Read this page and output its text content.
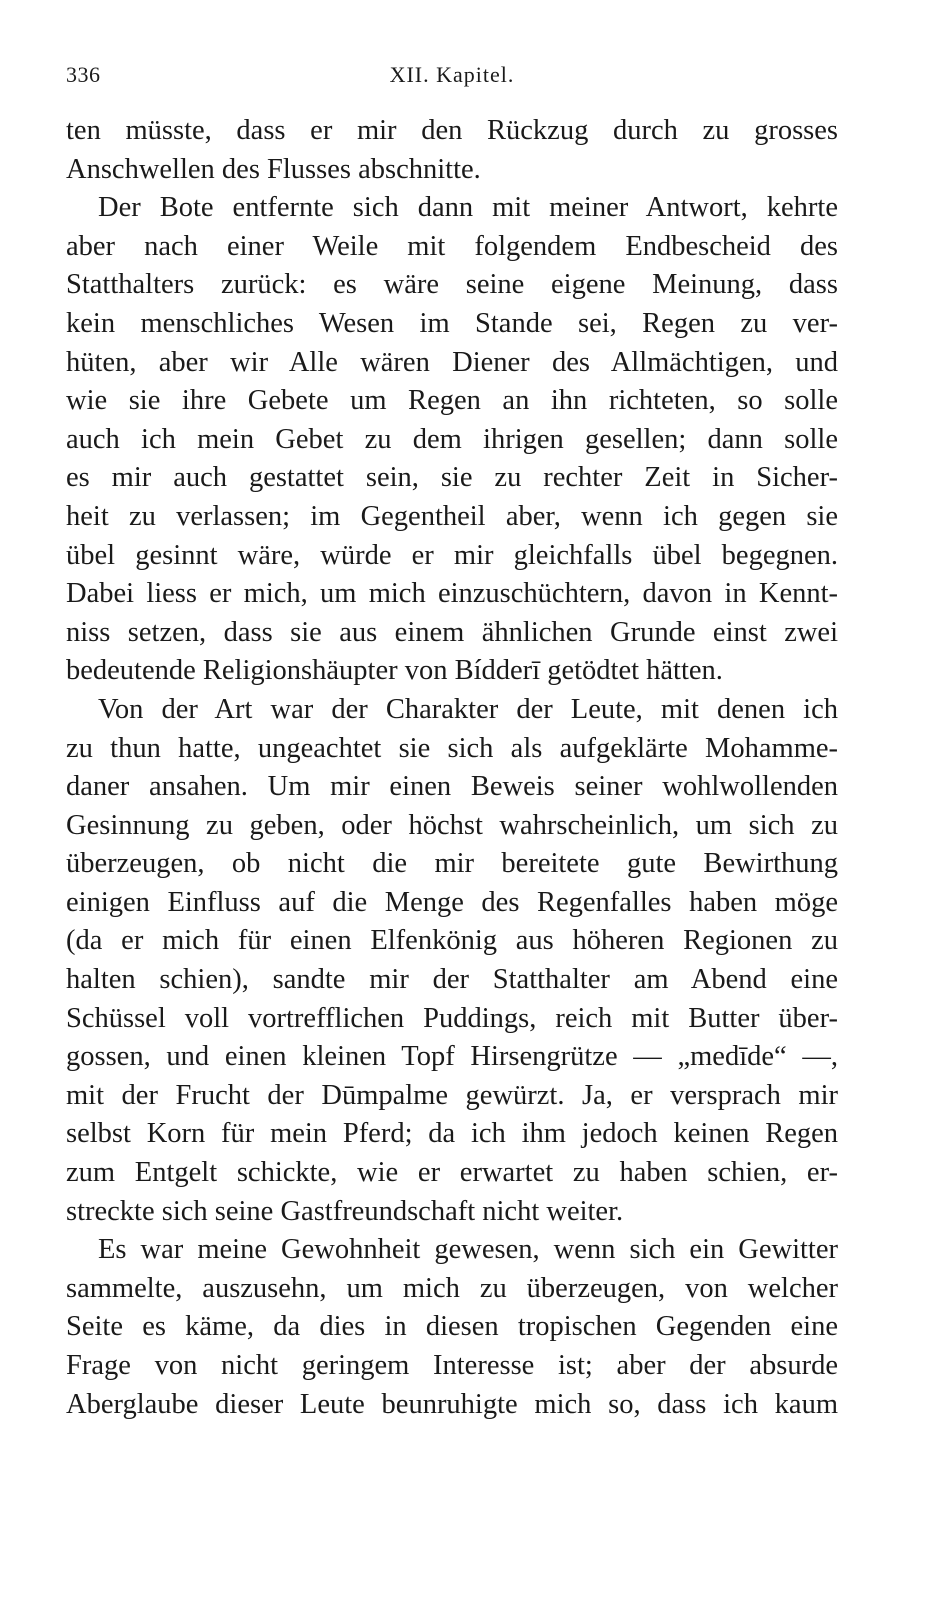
336	XII. Kapitel.
ten müsste, dass er mir den Rückzug durch zu grosses
Anschwellen des Flusses abschnitte.
Der Bote entfernte sich dann mit meiner Antwort, kehrte
aber nach einer Weile mit folgendem Endbescheid des
Statthalters zurück: es wäre seine eigene Meinung, dass
kein menschliches Wesen im Stande sei, Regen zu ver-
hüten, aber wir Alle wären Diener des Allmächtigen, und
wie sie ihre Gebete um Regen an ihn richteten, so solle
auch ich mein Gebet zu dem ihrigen gesellen; dann solle
es mir auch gestattet sein, sie zu rechter Zeit in Sicher-
heit zu verlassen; im Gegentheil aber, wenn ich gegen sie
übel gesinnt wäre, würde er mir gleichfalls übel begegnen.
Dabei liess er mich, um mich einzuschüchtern, davon in Kennt-
niss setzen, dass sie aus einem ähnlichen Grunde einst zwei
bedeutende Religionshäupter von Bídderī getödtet hätten.
Von der Art war der Charakter der Leute, mit denen ich
zu thun hatte, ungeachtet sie sich als aufgeklärte Mohamme-
daner ansahen. Um mir einen Beweis seiner wohlwollenden
Gesinnung zu geben, oder höchst wahrscheinlich, um sich zu
überzeugen, ob nicht die mir bereitete gute Bewirthung
einigen Einfluss auf die Menge des Regenfalles haben möge
(da er mich für einen Elfenkönig aus höheren Regionen zu
halten schien), sandte mir der Statthalter am Abend eine
Schüssel voll vortrefflichen Puddings, reich mit Butter über-
gossen, und einen kleinen Topf Hirsengrütze — „medīde“ —,
mit der Frucht der Dūmpalme gewürzt. Ja, er versprach mir
selbst Korn für mein Pferd; da ich ihm jedoch keinen Regen
zum Entgelt schickte, wie er erwartet zu haben schien, er-
streckte sich seine Gastfreundschaft nicht weiter.
Es war meine Gewohnheit gewesen, wenn sich ein Gewitter
sammelte, auszusehn, um mich zu überzeugen, von welcher
Seite es käme, da dies in diesen tropischen Gegenden eine
Frage von nicht geringem Interesse ist; aber der absurde
Aberglaube dieser Leute beunruhigte mich so, dass ich kaum
